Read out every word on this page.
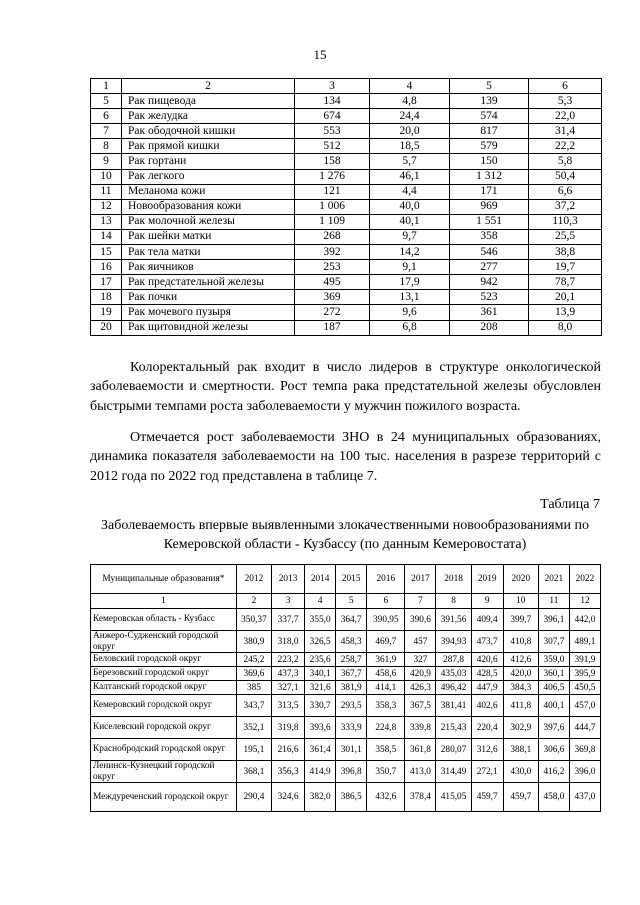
15
1	2	3	4	5	6
5	Рак пищевода	134	4,8	139	5,3
6	Рак желудка	674	24,4	574	22,0
7	Рак ободочной кишки	553	20,0	817	31,4
8	Рак прямой кишки	512	18,5	579	22,2
9	Рак гортани	158	5,7	150	5,8
10	Рак легкого	1 276	46,1	1 312	50,4
11	Меланома кожи	121	4,4	171	6,6
12	Новообразования кожи	1 006	40,0	969	37,2
13	Рак молочной железы	1 109	40,1	1 551	110,3
14	Рак шейки матки	268	9,7	358	25,5
15	Рак тела матки	392	14,2	546	38,8
16	Рак яичников	253	9,1	277	19,7
17	Рак предстательной железы	495	17,9	942	78,7
18	Рак почки	369	13,1	523	20,1
19	Рак мочевого пузыря	272	9,6	361	13,9
20	Рак щитовидной железы	187	6,8	208	8,0
Колоректальный рак входит в число лидеров в структуре онкологической заболеваемости и смертности. Рост темпа рака предстательной железы обусловлен быстрыми темпами роста заболеваемости у мужчин пожилого возраста.
Отмечается рост заболеваемости ЗНО в 24 муниципальных образованиях, динамика показателя заболеваемости на 100 тыс. населения в разрезе территорий с 2012 года по 2022 год представлена в таблице 7.
Таблица 7
Заболеваемость впервые выявленными злокачественными новообразованиями по Кемеровской области - Кузбассу (по данным Кемеровостата)
Муниципальные образования*	2012	2013	2014	2015	2016	2017	2018	2019	2020	2021	2022
1	2	3	4	5	6	7	8	9	10	11	12
Кемеровская область - Кузбасс	350,37	337,7	355,0	364,7	390,95	390,6	391,56	409,4	399,7	396,1	442,0
Анжеро-Судженский городской округ	380,9	318,0	326,5	458,3	469,7	457	394,93	473,7	410,8	307,7	489,1
Беловский городской округ	245,2	223,2	235,6	258,7	361,9	327	287,8	420,6	412,6	359,0	391,9
Березовский городской округ	369,6	437,3	340,1	367,7	458,6	420,9	435,03	428,5	420,0	360,1	395,9
Калтанский городской округ	385	327,1	321,6	381,9	414,1	426,3	496,42	447,9	384,3	406,5	450,5
Кемеровский городской округ	343,7	313,5	330,7	293,5	358,3	367,5	381,41	402,6	411,8	400,1	457,0
Киселевский городской округ	352,1	319,8	393,6	333,9	224,8	339,8	215,43	220,4	302,9	397,6	444,7
Краснобродский городской округ	195,1	216,6	361,4	301,1	358,5	361,8	280,07	312,6	388,1	306,6	369,8
Ленинск-Кузнецкий городской округ	368,1	356,3	414,9	396,8	350,7	413,0	314,49	272,1	430,0	416,2	396,0
Междуреченский городской округ	290,4	324,6	382,0	386,5	432,6	378,4	415,05	459,7	459,7	458,0	437,0
